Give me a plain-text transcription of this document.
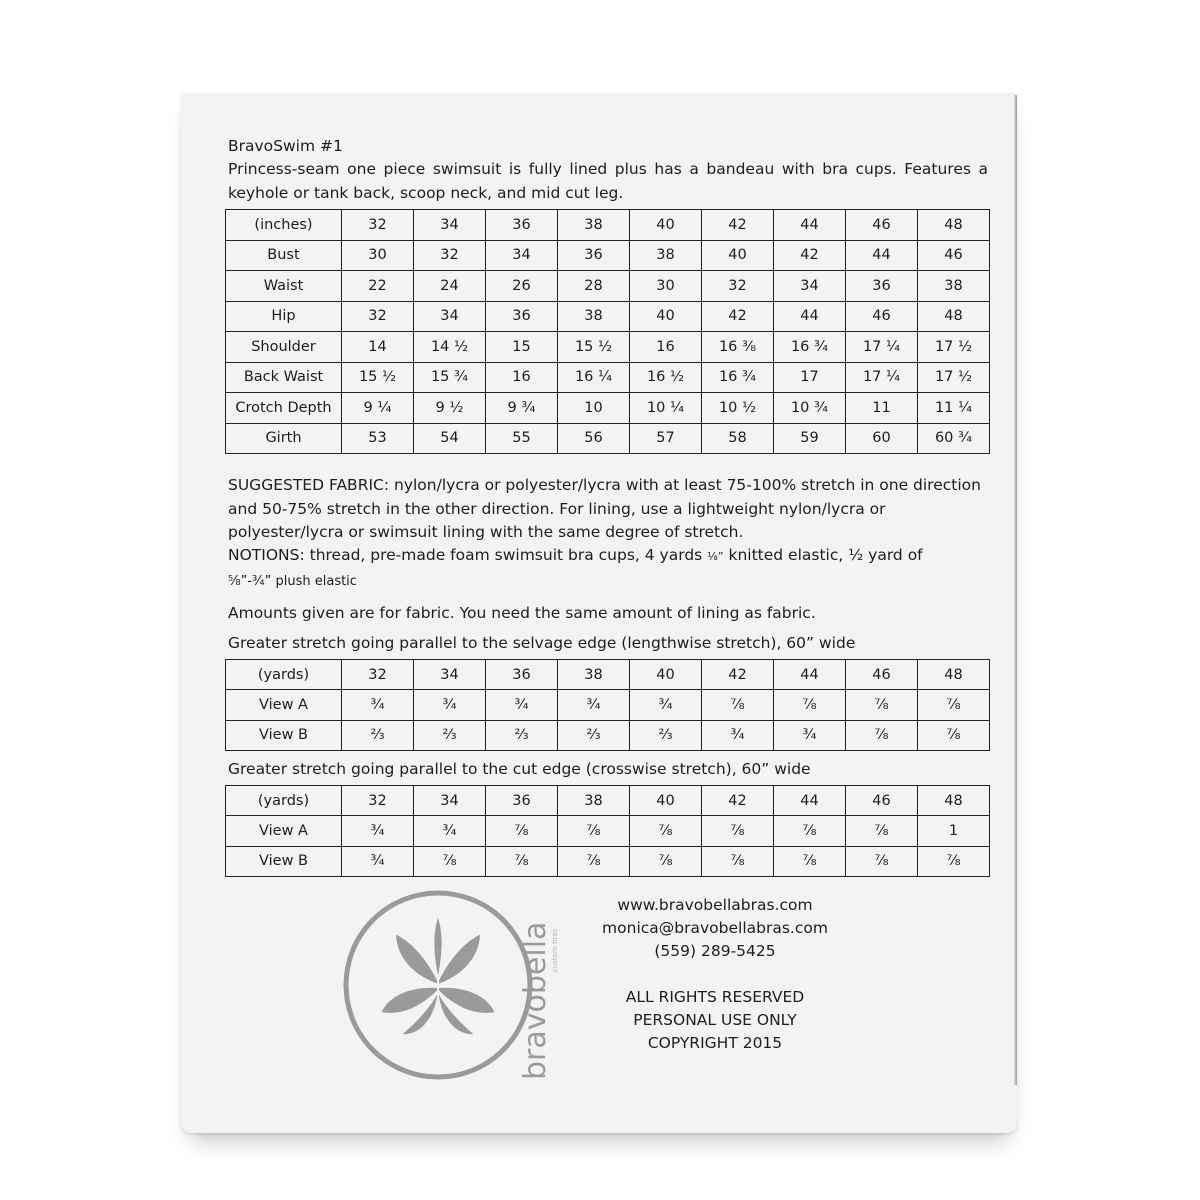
BravoSwim #1
Princess-seam one piece swimsuit is fully lined plus has a bandeau with bra cups. Features a keyhole or tank back, scoop neck, and mid cut leg.
(inches)	32	34	36	38	40	42	44	46	48
Bust	30	32	34	36	38	40	42	44	46
Waist	22	24	26	28	30	32	34	36	38
Hip	32	34	36	38	40	42	44	46	48
Shoulder	14	14 ½	15	15 ½	16	16 ⅜	16 ¾	17 ¼	17 ½
Back Waist	15 ½	15 ¾	16	16 ¼	16 ½	16 ¾	17	17 ¼	17 ½
Crotch Depth	9 ¼	9 ½	9 ¾	10	10 ¼	10 ½	10 ¾	11	11 ¼
Girth	53	54	55	56	57	58	59	60	60 ¾
SUGGESTED FABRIC: nylon/lycra or polyester/lycra with at least 75-100% stretch in one direction and 50-75% stretch in the other direction. For lining, use a lightweight nylon/lycra or polyester/lycra or swimsuit lining with the same degree of stretch.
NOTIONS: thread, pre-made foam swimsuit bra cups, 4 yards ⅛” knitted elastic, ½ yard of
⅝”-¾” plush elastic
Amounts given are for fabric. You need the same amount of lining as fabric.
Greater stretch going parallel to the selvage edge (lengthwise stretch), 60” wide
(yards)	32	34	36	38	40	42	44	46	48
View A	¾	¾	¾	¾	¾	⅞	⅞	⅞	⅞
View B	⅔	⅔	⅔	⅔	⅔	¾	¾	⅞	⅞
Greater stretch going parallel to the cut edge (crosswise stretch), 60” wide
(yards)	32	34	36	38	40	42	44	46	48
View A	¾	¾	⅞	⅞	⅞	⅞	⅞	⅞	1
View B	¾	⅞	⅞	⅞	⅞	⅞	⅞	⅞	⅞
bravobella
custom bras
www.bravobellabras.com
monica@bravobellabras.com
(559) 289-5425
ALL RIGHTS RESERVED
PERSONAL USE ONLY
COPYRIGHT 2015
